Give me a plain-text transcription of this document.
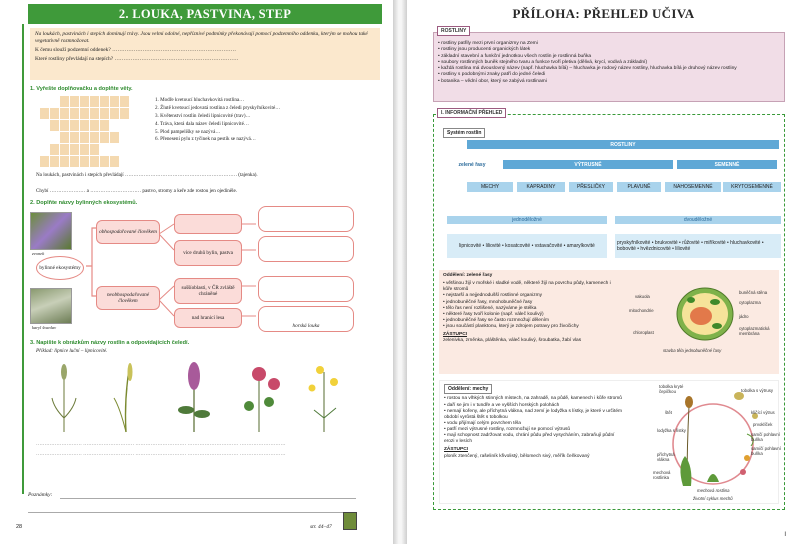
2. LOUKA, PASTVINA, STEP
Na loukách, pastvinách i stepích dominují trávy. Jsou velmi odolné, nepříznivé podmínky překonávají pomocí podzemního oddenku, kterým se mohou také vegetativně rozmnožovat.
K čemu slouží podzemní oddenek? ……………………………………………………………
Které rostliny převládají na stepích? ……………………………………………………………
1. Vyřešte doplňovačku a doplňte věty.
1. Modře kvetoucí hluchavkovitá rostlina…
2. Žlutě kvetoucí jedovatá rostlina z čeledi pryskyřníkovité…
3. Květenství rostlin čeledi lipnicovité (trav)…
4. Tráva, která dala název čeledi lipnicovité…
5. Plod pampelišky se nazývá…
6. Přenesení pylu z tyčinek na pestík se nazývá…
Na loukách, pastvinách i stepích převládají ………………………………………………………… (tajenka).
Chybí ………………… a ………………………… pastvo, stromy a keře zde rostou jen ojediněle.
2. Doplňte názvy bylinných ekosystémů.
zvonek
karyl švanlav
bylinné ekosystémy
obhospodařované člověkem
neobhospodařované člověkem
více druhů bylin, pastva
suššíoblasti, v ČR zvláště chráněné
nad hranicí lesa
horská louka
3. Napište k obrázkům názvy rostlin a odpovídajících čeledí.
Příklad: lipnice luční – lipnicovité.
……………………… ………………………… ………………………… ………………………… ………………………
……………………… ………………………… ………………………… ………………………… ………………………
Poznámky:
28	str. 44–47
PŘÍLOHA: PŘEHLED UČIVA
• rostliny patřily mezi první organizmy na Zemi
• rostliny jsou producenti organických látek
• základní stavební a funkční jednotkou všech rostlin je rostlinná buňka
• soubory rostlinných buněk stejného tvaru a funkce tvoří pletiva (dělivá, krycí, vodivá a základní)
• každá rostlina má dvouslovný název (např. hluchavka bílá) – hluchavka je rodový název rostliny, hluchavka bílá je druhový název rostliny
• rostliny s podobnými znaky patří do jedné čeledi
• botanika – vědní obor, který se zabývá rostlinami
ROSTLINY
I. INFORMAČNÍ PŘEHLED
Systém rostlin
ROSTLINY
zelené řasy	VÝTRUSNÉ	SEMENNÉ
MECHY	KAPRADINY	PŘESLIČKY	PLAVUNĚ	NAHOSEMENNÉ	KRYTOSEMENNÉ
jednoděložné	dvouděložné
lipnicovité • liliovité • kosatcovité • vstavačovité • amarylkovité	pryskyřníkovité • brukvovité • růžovité • miříkovité • hluchavkovité • bobovité • hvězdnicovité • liliovité
Oddělení: zelené řasy
• většinou žijí v mořské i sladké vodě, některé žijí na povrchu půdy, kamenech i kůře stromů
• nejstarší a nejjednodušší rostlinné organizmy
• jednobuněčné řasy, mnohobuněčné řasy
• tělo řas není rozlišené, nazýváme je stélka
• některé řasy tvoří kolonie (např. váleč koulivý)
• jednobuněčné řasy se často rozmnožují dělením
• jsou součástí planktonu, který je zdrojem potravy pro živočichy
ZÁSTUPCI
zelenivka, zrněnka, pláštěnka, váleč koulivý, šroubatka, žabí vlas
vakuola
mitochondrie
chloroplast
buněčná stěna
cytoplazma
jádro
cytoplazmatická membrána
stavba těla jednobuněčné řasy
Oddělení: mechy
• rostou na vlhkých stinných místech, na zahradě, na půdě, kamenech i kůře stromů
• daří se jim i v tundře a ve vyšších horských polohách
• nemají kořeny, ale příchytná vlákna, nad zemí je lodyžka s lístky, je které v určitém období vyrůstá štět s tobolkou
• vodu přijímají celým povrchem těla
• patří mezi výtrusné rostliny, rozmnožují se pomocí výtrusů
• mají schopnost zadržovat vodu, chrání půdu před vysycháním, zabraňují půdní erozi v lesích
ZÁSTUPCI
ploník ztenčený, rašeliník křivolistý, bělomech sivý, měřík čeňkovaný
tobolka kryté čepičkou
štět
lodyžka s lístky
příchytná vlákna
tobolka s výtrusy
klíčící výtrus
prvoklíček
samčí pohlavní buňka
samičí pohlavní buňka
mechová rostlinka
mechová rostlina
životní cyklus mechů
I
